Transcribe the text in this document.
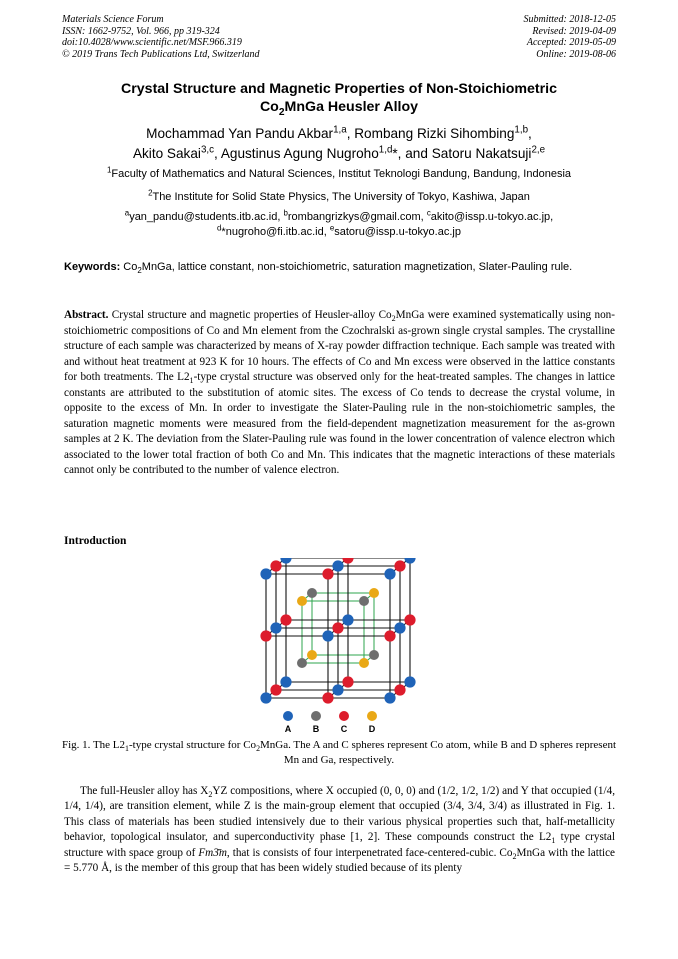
Materials Science Forum
ISSN: 1662-9752, Vol. 966, pp 319-324
doi:10.4028/www.scientific.net/MSF.966.319
© 2019 Trans Tech Publications Ltd, Switzerland
Submitted: 2018-12-05
Revised: 2019-04-09
Accepted: 2019-05-09
Online: 2019-08-06
Crystal Structure and Magnetic Properties of Non-Stoichiometric
$Co_2MnGa$ Heusler Alloy
Mochammad Yan Pandu Akbar$^{1,a}$, Rombang Rizki Sihombing$^{1,b}$,
Akito Sakai$^{3,c}$, Agustinus Agung Nugroho$^{1,d}$*, and Satoru Nakatsuji$^{2,e}$
$^1$Faculty of Mathematics and Natural Sciences, Institut Teknologi Bandung, Bandung, Indonesia
$^2$The Institute for Solid State Physics, The University of Tokyo, Kashiwa, Japan
$^a$yan_pandu@students.itb.ac.id, $^b$rombangrizkys@gmail.com, $^c$akito@issp.u-tokyo.ac.jp,
$^d$*nugroho@fi.itb.ac.id, $^e$satoru@issp.u-tokyo.ac.jp
Keywords: $Co_2MnGa$, lattice constant, non-stoichiometric, saturation magnetization, Slater-Pauling rule.
Abstract. Crystal structure and magnetic properties of Heusler-alloy $Co_2MnGa$ were examined systematically using non-stoichiometric compositions of Co and Mn element from the Czochralski as-grown single crystal samples. The crystalline structure of each sample was characterized by means of X-ray powder diffraction technique. Each sample was treated with and without heat treatment at 923 K for 10 hours. The effects of Co and Mn excess were observed in the lattice constants for both treatments. The $L2_1$-type crystal structure was observed only for the heat-treated samples. The changes in lattice constants are attributed to the substitution of atomic sites. The excess of Co tends to decrease the crystal volume, in opposite to the excess of Mn. In order to investigate the Slater-Pauling rule in the non-stoichiometric samples, the saturation magnetic moments were measured from the field-dependent magnetization measurement for the as-grown samples at 2 K. The deviation from the Slater-Pauling rule was found in the lower concentration of valence electron which associated to the lower total fraction of both Co and Mn. This indicates that the magnetic interactions of these materials cannot only be contributed to the number of valence electron.
Introduction
A B C D
Fig. 1. The $L2_1$-type crystal structure for $Co_2MnGa$. The A and C spheres represent Co atom, while B and D spheres represent Mn and Ga, respectively.
The full-Heusler alloy has $X_2YZ$ compositions, where X occupied (0, 0, 0) and (1/2, 1/2, 1/2) and Y that occupied (1/4, 1/4, 1/4), are transition element, while Z is the main-group element that occupied (3/4, 3/4, 3/4) as illustrated in Fig. 1. This class of materials has been studied intensively due to their various physical properties such that, half-metallicity behavior, topological insulator, and superconductivity phase [1, 2]. These compounds construct the $L2_1$ type crystal structure with space group of Fm3̄m, that is consists of four interpenetrated face-centered-cubic. $Co_2MnGa$ with the lattice = 5.770 Å, is the member of this group that has been widely studied because of its plenty
